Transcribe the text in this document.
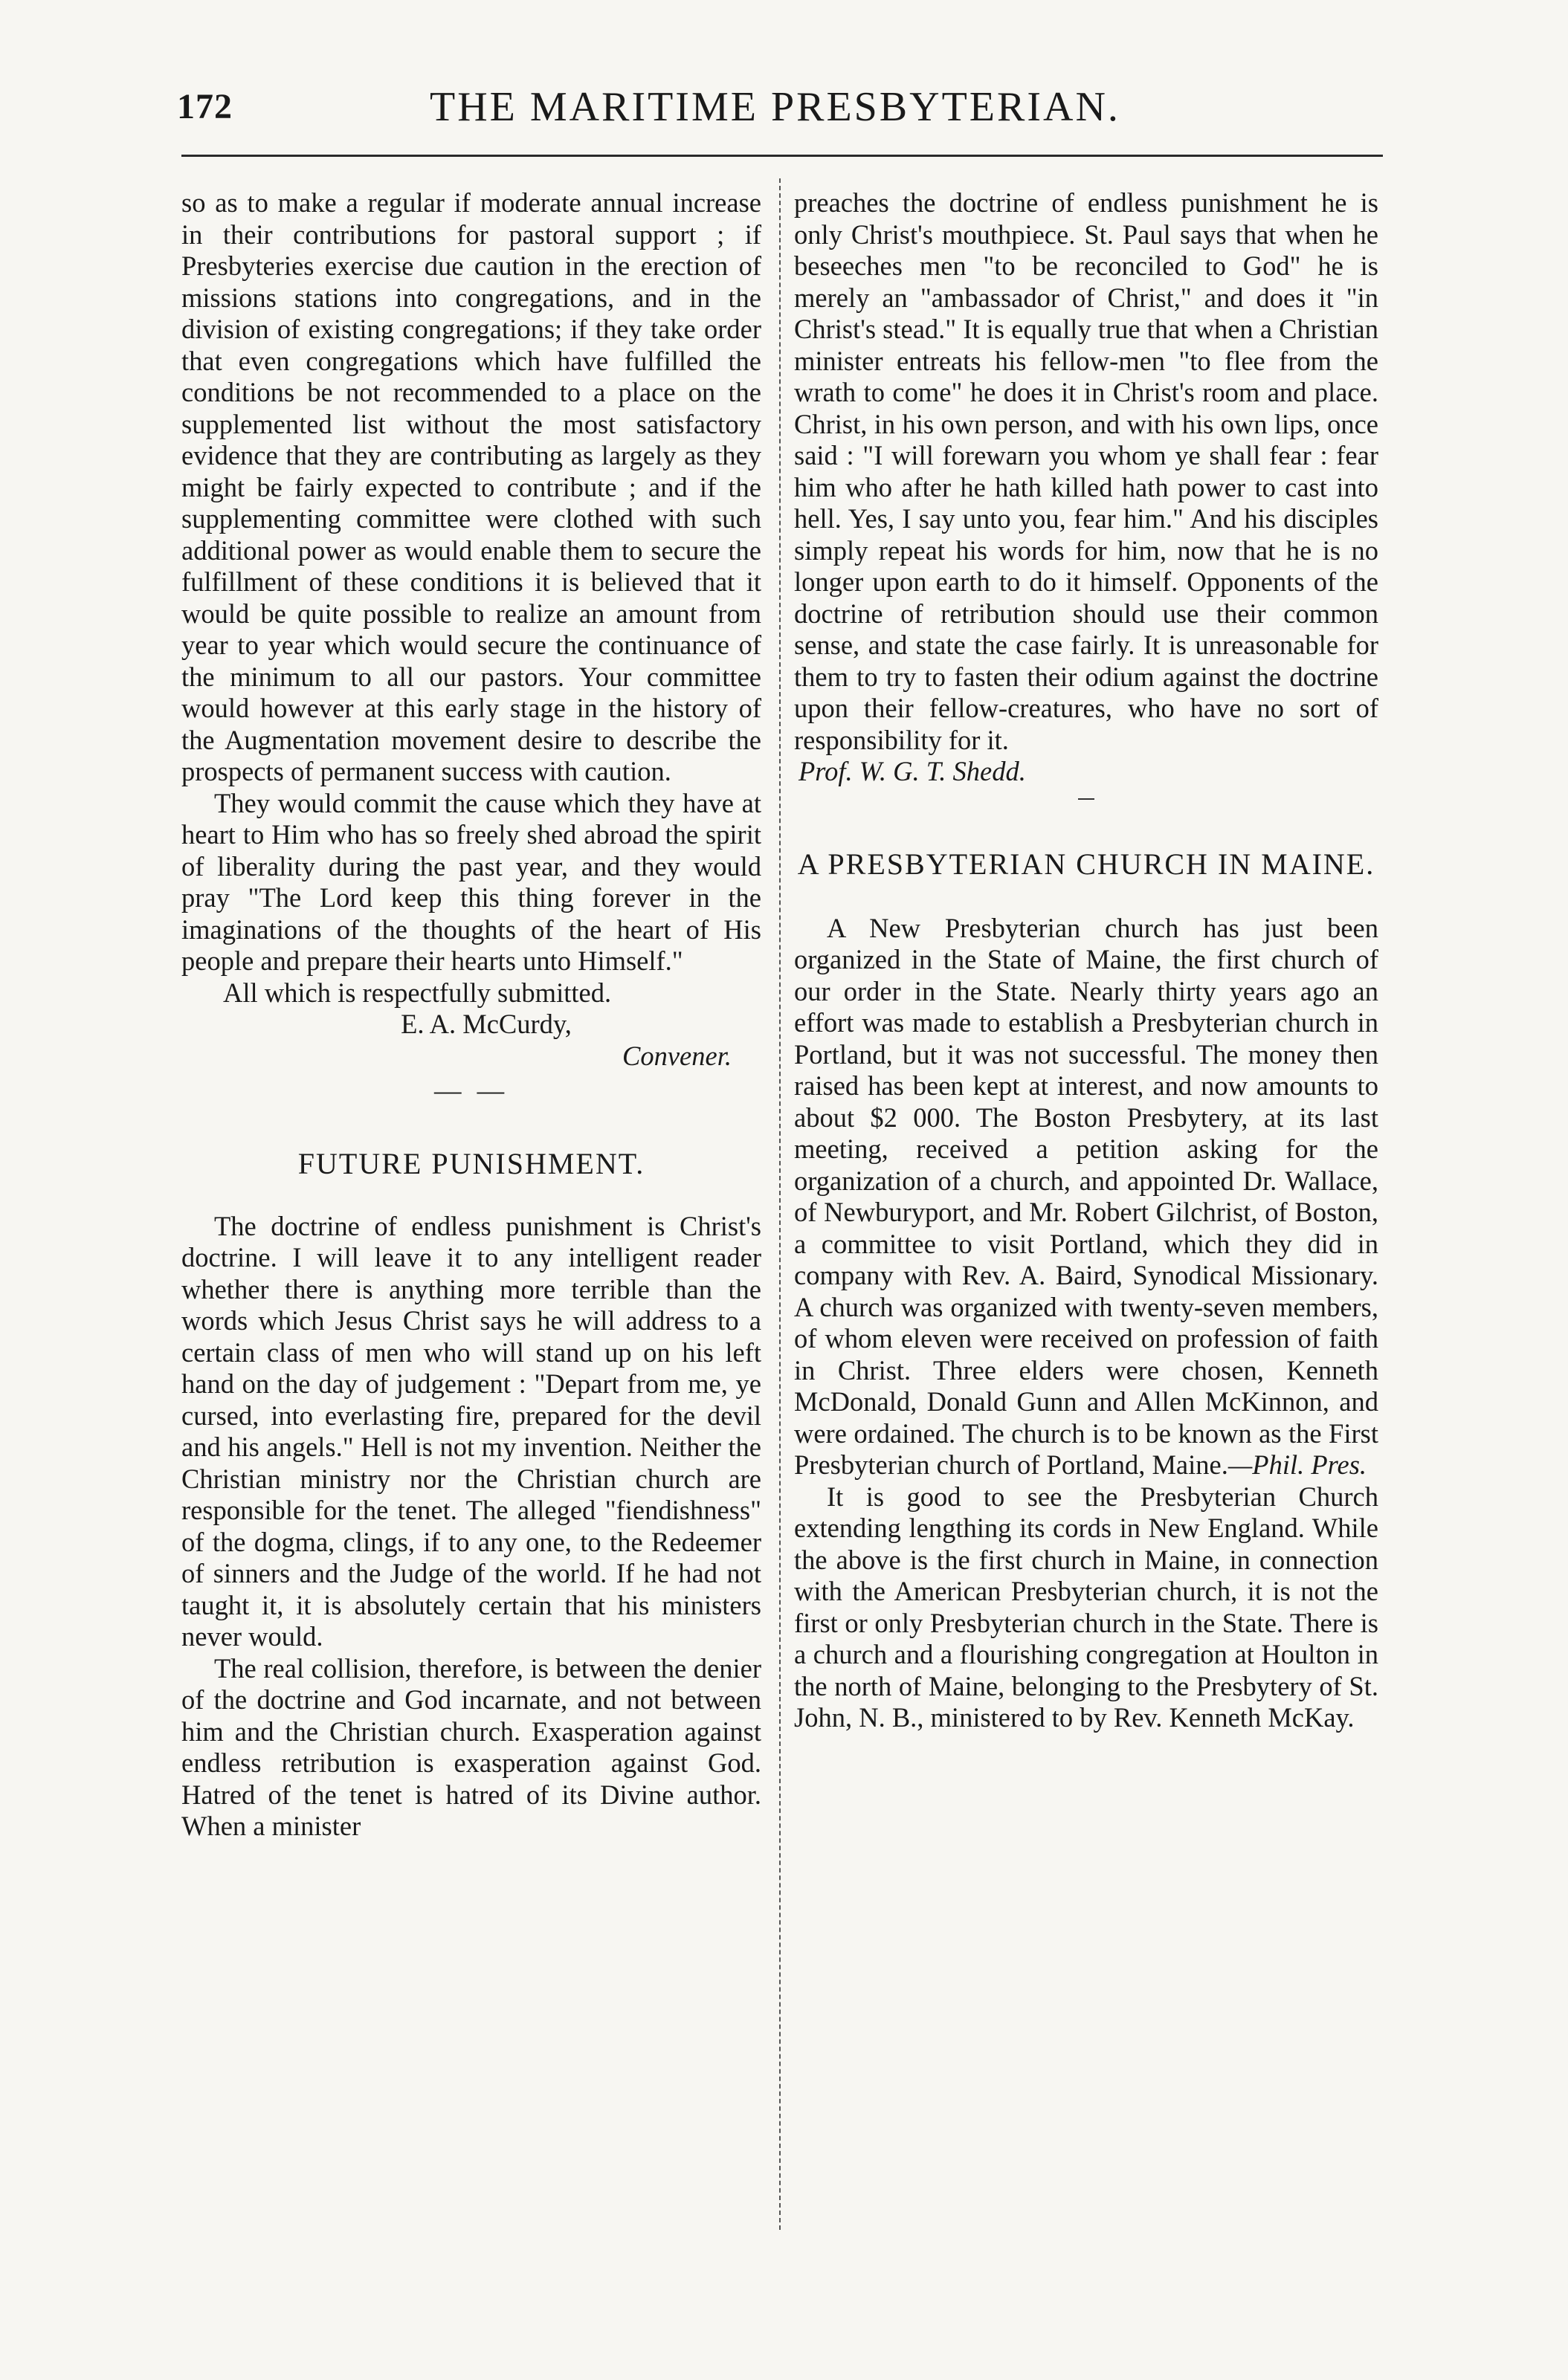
172	THE MARITIME PRESBYTERIAN.

so as to make a regular if moderate annual increase in their contributions for pastoral support ; if Presbyteries exercise due caution in the erection of missions stations into congregations, and in the division of existing congregations; if they take order that even congregations which have fulfilled the conditions be not recommended to a place on the supplemented list without the most satisfactory evidence that they are contributing as largely as they might be fairly expected to contribute ; and if the supplementing committee were clothed with such additional power as would enable them to secure the fulfillment of these conditions it is believed that it would be quite possible to realize an amount from year to year which would secure the continuance of the minimum to all our pastors. Your committee would however at this early stage in the history of the Augmentation movement desire to describe the prospects of permanent success with caution.

They would commit the cause which they have at heart to Him who has so freely shed abroad the spirit of liberality during the past year, and they would pray "The Lord keep this thing forever in the imaginations of the thoughts of the heart of His people and prepare their hearts unto Himself."

All which is respectfully submitted.

E. A. McCurdy,

Convener.

— —

FUTURE PUNISHMENT.

The doctrine of endless punishment is Christ's doctrine. I will leave it to any intelligent reader whether there is anything more terrible than the words which Jesus Christ says he will address to a certain class of men who will stand up on his left hand on the day of judgement : "Depart from me, ye cursed, into everlasting fire, prepared for the devil and his angels." Hell is not my invention. Neither the Christian ministry nor the Christian church are responsible for the tenet. The alleged "fiendishness" of the dogma, clings, if to any one, to the Redeemer of sinners and the Judge of the world. If he had not taught it, it is absolutely certain that his ministers never would.

The real collision, therefore, is between the denier of the doctrine and God incarnate, and not between him and the Christian church. Exasperation against endless retribution is exasperation against God. Hatred of the tenet is hatred of its Divine author. When a minister

preaches the doctrine of endless punishment he is only Christ's mouthpiece. St. Paul says that when he beseeches men "to be reconciled to God" he is merely an "ambassador of Christ," and does it "in Christ's stead." It is equally true that when a Christian minister entreats his fellow-men "to flee from the wrath to come" he does it in Christ's room and place. Christ, in his own person, and with his own lips, once said : "I will forewarn you whom ye shall fear : fear him who after he hath killed hath power to cast into hell. Yes, I say unto you, fear him." And his disciples simply repeat his words for him, now that he is no longer upon earth to do it himself. Opponents of the doctrine of retribution should use their common sense, and state the case fairly. It is unreasonable for them to try to fasten their odium against the doctrine upon their fellow-creatures, who have no sort of responsibility for it.

Prof. W. G. T. Shedd.

A PRESBYTERIAN CHURCH IN MAINE.

A New Presbyterian church has just been organized in the State of Maine, the first church of our order in the State. Nearly thirty years ago an effort was made to establish a Presbyterian church in Portland, but it was not successful. The money then raised has been kept at interest, and now amounts to about $2 000. The Boston Presbytery, at its last meeting, received a petition asking for the organization of a church, and appointed Dr. Wallace, of Newburyport, and Mr. Robert Gilchrist, of Boston, a committee to visit Portland, which they did in company with Rev. A. Baird, Synodical Missionary. A church was organized with twenty-seven members, of whom eleven were received on profession of faith in Christ. Three elders were chosen, Kenneth McDonald, Donald Gunn and Allen McKinnon, and were ordained. The church is to be known as the First Presbyterian church of Portland, Maine.—Phil. Pres.

It is good to see the Presbyterian Church extending lengthing its cords in New England. While the above is the first church in Maine, in connection with the American Presbyterian church, it is not the first or only Presbyterian church in the State. There is a church and a flourishing congregation at Houlton in the north of Maine, belonging to the Presbytery of St. John, N. B., ministered to by Rev. Kenneth McKay.
